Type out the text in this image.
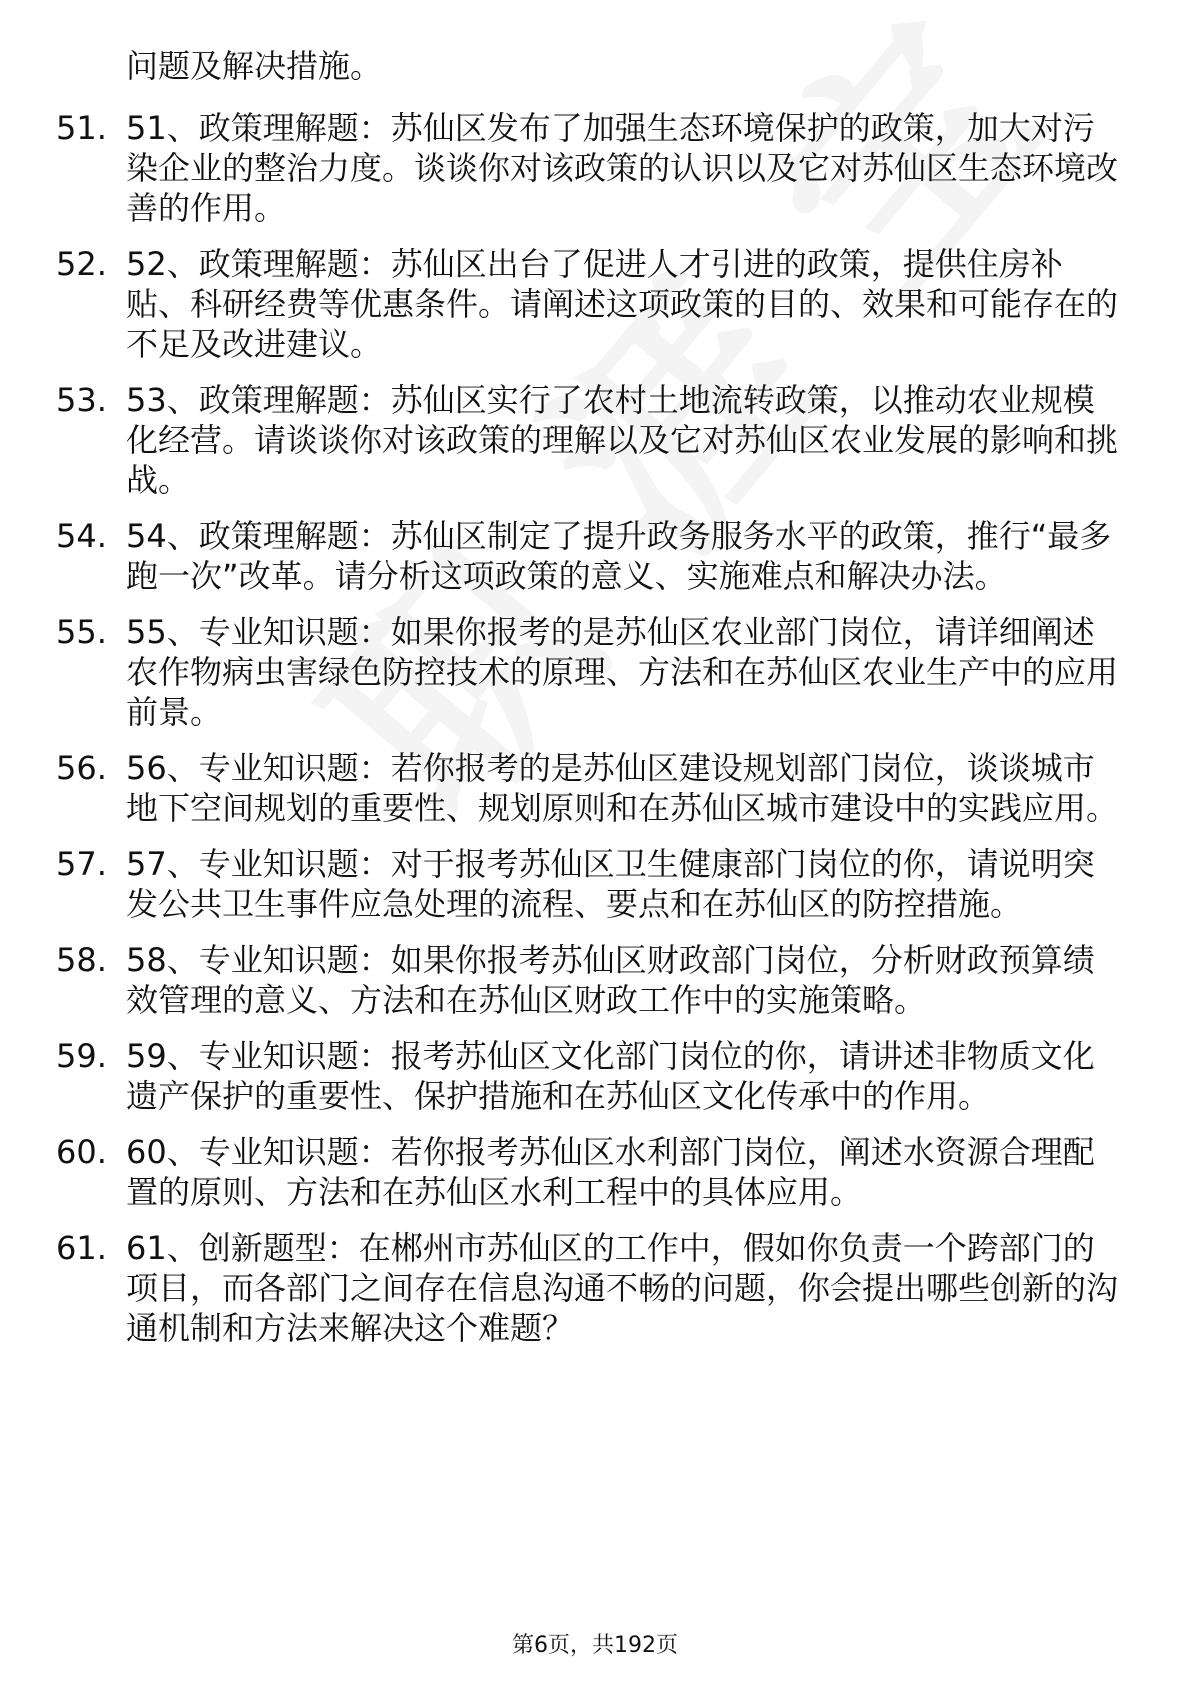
问题及解决措施。
51. 51、政策理解题：苏仙区发布了加强生态环境保护的政策，加大对污染企业的整治力度。谈谈你对该政策的认识以及它对苏仙区生态环境改善的作用。
52. 52、政策理解题：苏仙区出台了促进人才引进的政策，提供住房补贴、科研经费等优惠条件。请阐述这项政策的目的、效果和可能存在的不足及改进建议。
53. 53、政策理解题：苏仙区实行了农村土地流转政策，以推动农业规模化经营。请谈谈你对该政策的理解以及它对苏仙区农业发展的影响和挑战。
54. 54、政策理解题：苏仙区制定了提升政务服务水平的政策，推行“最多跑一次”改革。请分析这项政策的意义、实施难点和解决办法。
55. 55、专业知识题：如果你报考的是苏仙区农业部门岗位，请详细阐述农作物病虫害绿色防控技术的原理、方法和在苏仙区农业生产中的应用前景。
56. 56、专业知识题：若你报考的是苏仙区建设规划部门岗位，谈谈城市地下空间规划的重要性、规划原则和在苏仙区城市建设中的实践应用。
57. 57、专业知识题：对于报考苏仙区卫生健康部门岗位的你，请说明突发公共卫生事件应急处理的流程、要点和在苏仙区的防控措施。
58. 58、专业知识题：如果你报考苏仙区财政部门岗位，分析财政预算绩效管理的意义、方法和在苏仙区财政工作中的实施策略。
59. 59、专业知识题：报考苏仙区文化部门岗位的你，请讲述非物质文化遗产保护的重要性、保护措施和在苏仙区文化传承中的作用。
60. 60、专业知识题：若你报考苏仙区水利部门岗位，阐述水资源合理配置的原则、方法和在苏仙区水利工程中的具体应用。
61. 61、创新题型：在郴州市苏仙区的工作中，假如你负责一个跨部门的项目，而各部门之间存在信息沟通不畅的问题，你会提出哪些创新的沟通机制和方法来解决这个难题？
第6页，共192页
